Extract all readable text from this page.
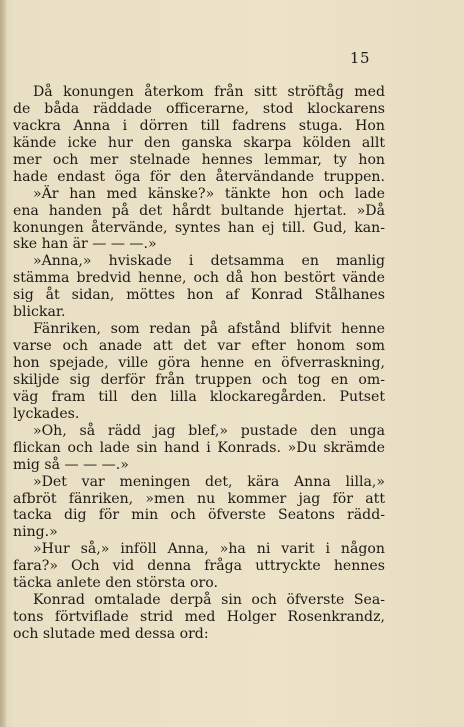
15
Då konungen återkom från sitt ströftåg med
de båda räddade officerarne, stod klockarens
vackra Anna i dörren till fadrens stuga. Hon
kände icke hur den ganska skarpa kölden allt
mer och mer stelnade hennes lemmar, ty hon
hade endast öga för den återvändande truppen.
»Är han med känske?» tänkte hon och lade
ena handen på det hårdt bultande hjertat. »Då
konungen återvände, syntes han ej till. Gud, kan-
ske han är — — —.»
»Anna,» hviskade i detsamma en manlig
stämma bredvid henne, och då hon bestört vände
sig åt sidan, möttes hon af Konrad Stålhanes
blickar.
Fänriken, som redan på afstånd blifvit henne
varse och anade att det var efter honom som
hon spejade, ville göra henne en öfverraskning,
skiljde sig derför från truppen och tog en om-
väg fram till den lilla klockaregården. Putset
lyckades.
»Oh, så rädd jag blef,» pustade den unga
flickan och lade sin hand i Konrads. »Du skrämde
mig så — — —.»
»Det var meningen det, kära Anna lilla,»
afbröt fänriken, »men nu kommer jag för att
tacka dig för min och öfverste Seatons rädd-
ning.»
»Hur så,» inföll Anna, »ha ni varit i någon
fara?» Och vid denna fråga uttryckte hennes
täcka anlete den största oro.
Konrad omtalade derpå sin och öfverste Sea-
tons förtviflade strid med Holger Rosenkrandz,
och slutade med dessa ord:
